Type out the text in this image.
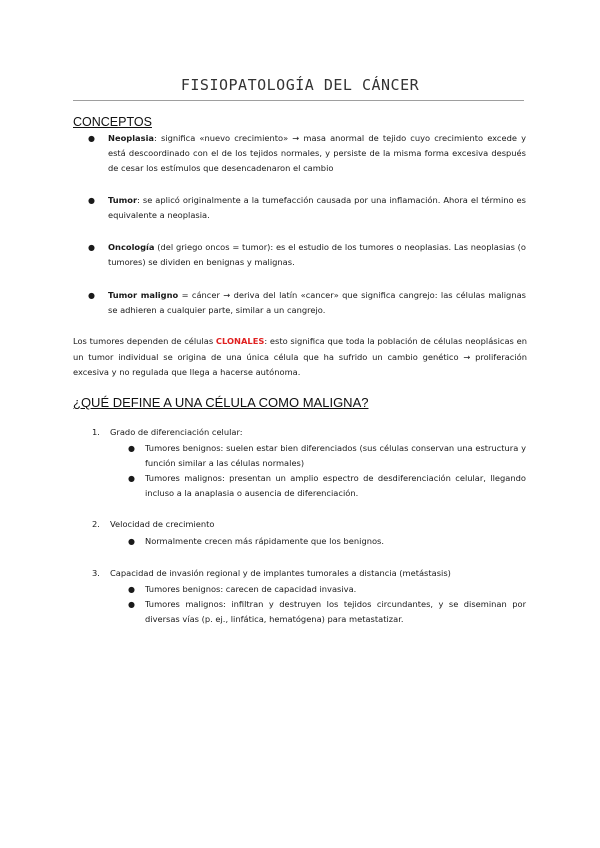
FISIOPATOLOGÍA DEL CÁNCER
CONCEPTOS
● Neoplasia: significa «nuevo crecimiento» → masa anormal de tejido cuyo crecimiento excede y está descoordinado con el de los tejidos normales, y persiste de la misma forma excesiva después de cesar los estímulos que desencadenaron el cambio

● Tumor: se aplicó originalmente a la tumefacción causada por una inflamación. Ahora el término es equivalente a neoplasia.

● Oncología (del griego oncos = tumor): es el estudio de los tumores o neoplasias. Las neoplasias (o tumores) se dividen en benignas y malignas.

● Tumor maligno = cáncer → deriva del latín «cancer» que significa cangrejo: las células malignas se adhieren a cualquier parte, similar a un cangrejo.

Los tumores dependen de células CLONALES: esto significa que toda la población de células neoplásicas en un tumor individual se origina de una única célula que ha sufrido un cambio genético → proliferación excesiva y no regulada que llega a hacerse autónoma.

¿QUÉ DEFINE A UNA CÉLULA COMO MALIGNA?
1. Grado de diferenciación celular:
● Tumores benignos: suelen estar bien diferenciados (sus células conservan una estructura y función similar a las células normales)

● Tumores malignos: presentan un amplio espectro de desdiferenciación celular, llegando incluso a la anaplasia o ausencia de diferenciación.

2. Velocidad de crecimiento
● Normalmente crecen más rápidamente que los benignos.

3. Capacidad de invasión regional y de implantes tumorales a distancia (metástasis)
● Tumores benignos: carecen de capacidad invasiva.

● Tumores malignos: infiltran y destruyen los tejidos circundantes, y se diseminan por diversas vías (p. ej., linfática, hematógena) para metastatizar.
